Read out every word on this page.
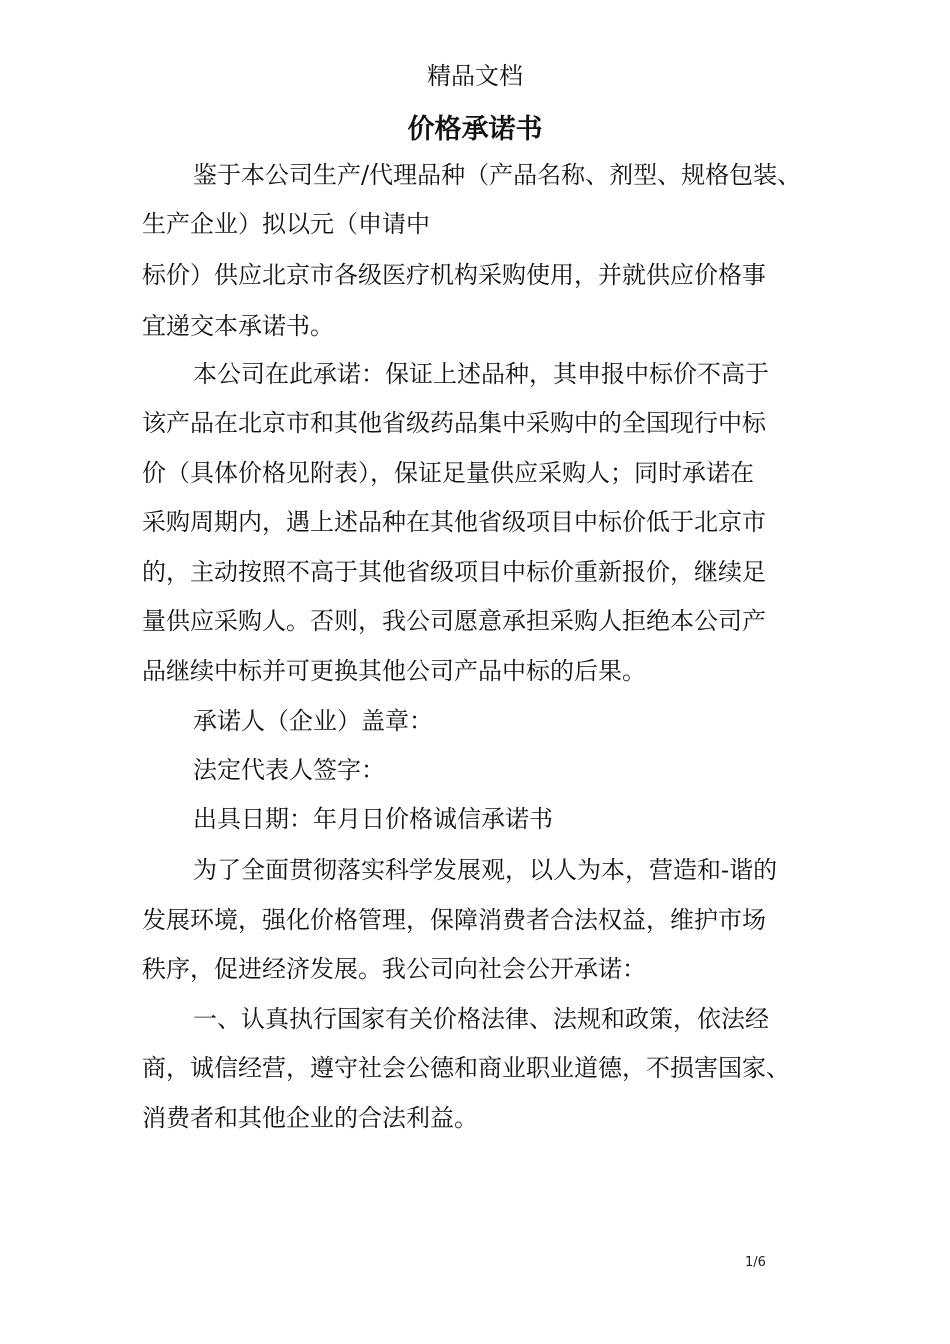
精品文档
价格承诺书
鉴于本公司生产/代理品种（产品名称、剂型、规格包装、
生产企业）拟以元（申请中
标价）供应北京市各级医疗机构采购使用，并就供应价格事
宜递交本承诺书。
本公司在此承诺：保证上述品种，其申报中标价不高于
该产品在北京市和其他省级药品集中采购中的全国现行中标
价（具体价格见附表），保证足量供应采购人；同时承诺在
采购周期内，遇上述品种在其他省级项目中标价低于北京市
的，主动按照不高于其他省级项目中标价重新报价，继续足
量供应采购人。否则，我公司愿意承担采购人拒绝本公司产
品继续中标并可更换其他公司产品中标的后果。
承诺人（企业）盖章：
法定代表人签字：
出具日期：年月日价格诚信承诺书
为了全面贯彻落实科学发展观，以人为本，营造和-谐的
发展环境，强化价格管理，保障消费者合法权益，维护市场
秩序，促进经济发展。我公司向社会公开承诺：
一、认真执行国家有关价格法律、法规和政策，依法经
商，诚信经营，遵守社会公德和商业职业道德，不损害国家、
消费者和其他企业的合法利益。
1/6
